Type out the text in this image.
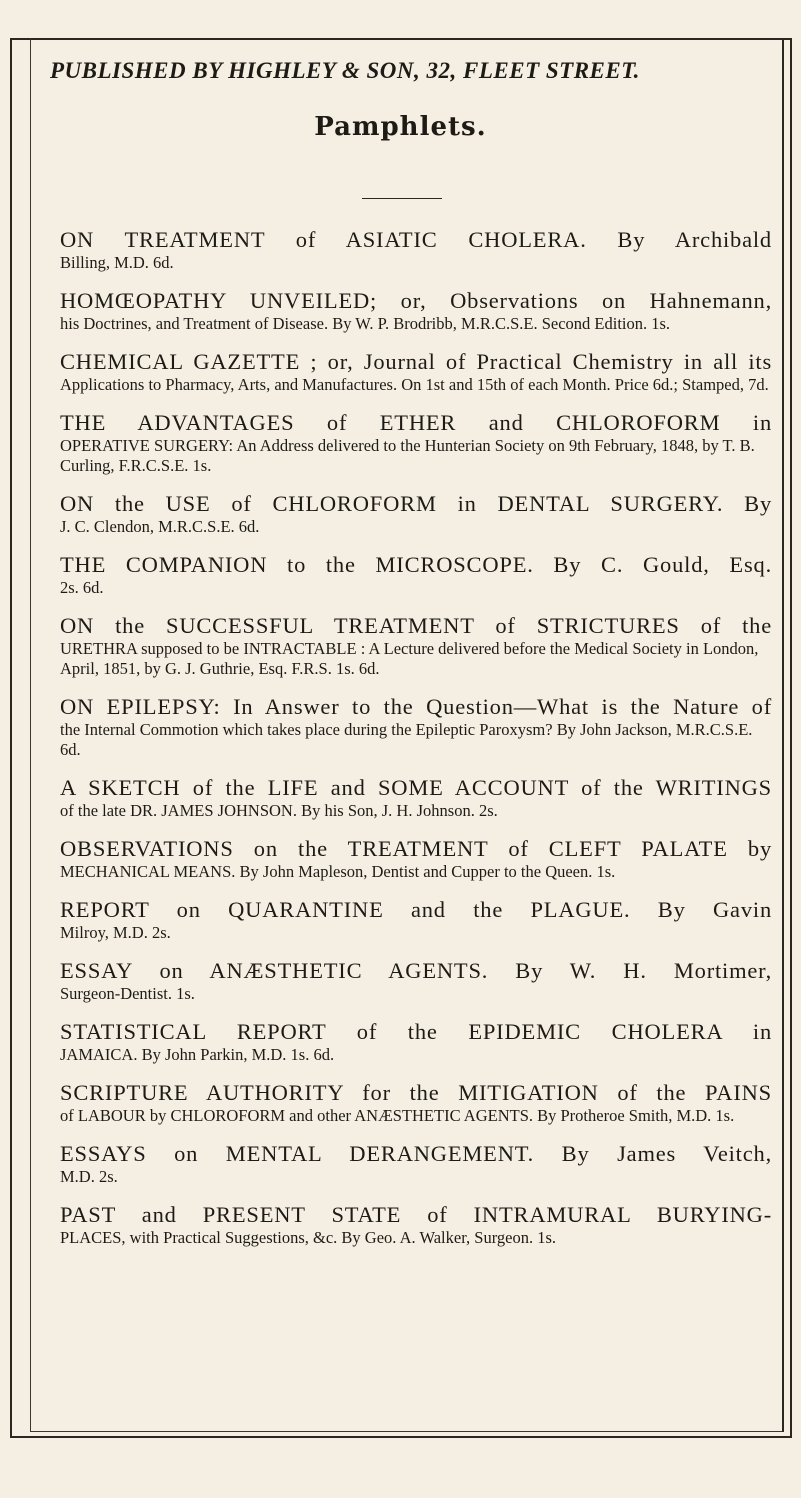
PUBLISHED BY HIGHLEY & SON, 32, FLEET STREET.
Pamphlets.
ON TREATMENT of ASIATIC CHOLERA. By Archibald
Billing, M.D. 6d.
HOMŒOPATHY UNVEILED; or, Observations on Hahnemann,
his Doctrines, and Treatment of Disease. By W. P. Brodribb, M.R.C.S.E. Second Edition. 1s.
CHEMICAL GAZETTE ; or, Journal of Practical Chemistry in all its
Applications to Pharmacy, Arts, and Manufactures. On 1st and 15th of each Month. Price 6d.; Stamped, 7d.
THE ADVANTAGES of ETHER and CHLOROFORM in
OPERATIVE SURGERY: An Address delivered to the Hunterian Society on 9th February, 1848, by T. B. Curling, F.R.C.S.E. 1s.
ON the USE of CHLOROFORM in DENTAL SURGERY. By
J. C. Clendon, M.R.C.S.E. 6d.
THE COMPANION to the MICROSCOPE. By C. Gould, Esq.
2s. 6d.
ON the SUCCESSFUL TREATMENT of STRICTURES of the
URETHRA supposed to be INTRACTABLE : A Lecture delivered before the Medical Society in London, April, 1851, by G. J. Guthrie, Esq. F.R.S. 1s. 6d.
ON EPILEPSY: In Answer to the Question—What is the Nature of
the Internal Commotion which takes place during the Epileptic Paroxysm? By John Jackson, M.R.C.S.E. 6d.
A SKETCH of the LIFE and SOME ACCOUNT of the WRITINGS
of the late DR. JAMES JOHNSON. By his Son, J. H. Johnson. 2s.
OBSERVATIONS on the TREATMENT of CLEFT PALATE by
MECHANICAL MEANS. By John Mapleson, Dentist and Cupper to the Queen. 1s.
REPORT on QUARANTINE and the PLAGUE. By Gavin
Milroy, M.D. 2s.
ESSAY on ANÆSTHETIC AGENTS. By W. H. Mortimer,
Surgeon-Dentist. 1s.
STATISTICAL REPORT of the EPIDEMIC CHOLERA in
JAMAICA. By John Parkin, M.D. 1s. 6d.
SCRIPTURE AUTHORITY for the MITIGATION of the PAINS
of LABOUR by CHLOROFORM and other ANÆSTHETIC AGENTS. By Protheroe Smith, M.D. 1s.
ESSAYS on MENTAL DERANGEMENT. By James Veitch,
M.D. 2s.
PAST and PRESENT STATE of INTRAMURAL BURYING-
PLACES, with Practical Suggestions, &c. By Geo. A. Walker, Surgeon. 1s.
